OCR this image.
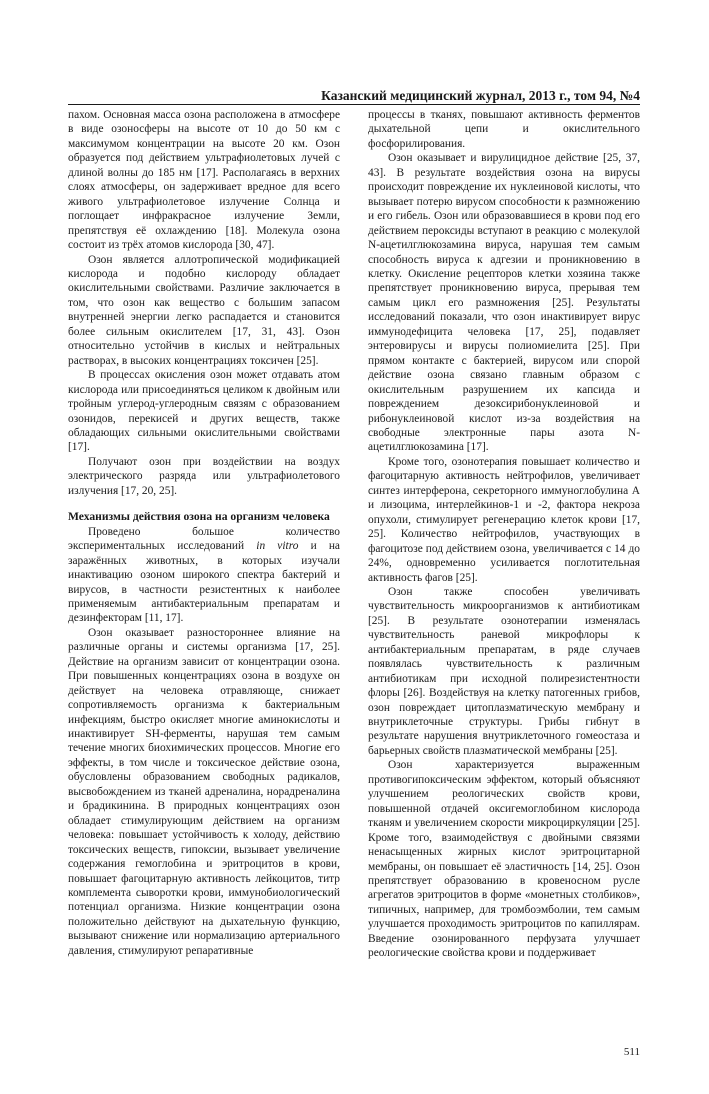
Казанский медицинский журнал, 2013 г., том 94, №4

пахом. Основная масса озона расположена в атмосфере в виде озоносферы на высоте от 10 до 50 км с максимумом концентрации на высоте 20 км. Озон образуется под действием ультрафиолетовых лучей с длиной волны до 185 нм [17]. Располагаясь в верхних слоях атмосферы, он задерживает вредное для всего живого ультрафиолетовое излучение Солнца и поглощает инфракрасное излучение Земли, препятствуя её охлаждению [18]. Молекула озона состоит из трёх атомов кислорода [30, 47].

Озон является аллотропической модификацией кислорода и подобно кислороду обладает окислительными свойствами. Различие заключается в том, что озон как вещество с большим запасом внутренней энергии легко распадается и становится более сильным окислителем [17, 31, 43]. Озон относительно устойчив в кислых и нейтральных растворах, в высоких концентрациях токсичен [25].

В процессах окисления озон может отдавать атом кислорода или присоединяться целиком к двойным или тройным углерод-углеродным связям с образованием озонидов, перекисей и других веществ, также обладающих сильными окислительными свойствами [17].

Получают озон при воздействии на воздух электрического разряда или ультрафиолетового излучения [17, 20, 25].

Механизмы действия озона на организм человека

Проведено большое количество экспериментальных исследований in vitro и на заражённых животных, в которых изучали инактивацию озоном широкого спектра бактерий и вирусов, в частности резистентных к наиболее применяемым антибактериальным препаратам и дезинфекторам [11, 17].

Озон оказывает разностороннее влияние на различные органы и системы организма [17, 25]. Действие на организм зависит от концентрации озона. При повышенных концентрациях озона в воздухе он действует на человека отравляюще, снижает сопротивляемость организма к бактериальным инфекциям, быстро окисляет многие аминокислоты и инактивирует SH-ферменты, нарушая тем самым течение многих биохимических процессов. Многие его эффекты, в том числе и токсическое действие озона, обусловлены образованием свободных радикалов, высвобождением из тканей адреналина, норадреналина и брадикинина. В природных концентрациях озон обладает стимулирующим действием на организм человека: повышает устойчивость к холоду, действию токсических веществ, гипоксии, вызывает увеличение содержания гемоглобина и эритроцитов в крови, повышает фагоцитарную активность лейкоцитов, титр комплемента сыворотки крови, иммунобиологический потенциал организма. Низкие концентрации озона положительно действуют на дыхательную функцию, вызывают снижение или нормализацию артериального давления, стимулируют репаративные

процессы в тканях, повышают активность ферментов дыхательной цепи и окислительного фосфорилирования.

Озон оказывает и вирулицидное действие [25, 37, 43]. В результате воздействия озона на вирусы происходит повреждение их нуклеиновой кислоты, что вызывает потерю вирусом способности к размножению и его гибель. Озон или образовавшиеся в крови под его действием пероксиды вступают в реакцию с молекулой N-ацетилглюкозамина вируса, нарушая тем самым способность вируса к адгезии и проникновению в клетку. Окисление рецепторов клетки хозяина также препятствует проникновению вируса, прерывая тем самым цикл его размножения [25]. Результаты исследований показали, что озон инактивирует вирус иммунодефицита человека [17, 25], подавляет энтеровирусы и вирусы полиомиелита [25]. При прямом контакте с бактерией, вирусом или спорой действие озона связано главным образом с окислительным разрушением их капсида и повреждением дезоксирибонуклеиновой и рибонуклеиновой кислот из-за воздействия на свободные электронные пары азота N-ацетилглюкозамина [17].

Кроме того, озонотерапия повышает количество и фагоцитарную активность нейтрофилов, увеличивает синтез интерферона, секреторного иммуноглобулина А и лизоцима, интерлейкинов-1 и -2, фактора некроза опухоли, стимулирует регенерацию клеток крови [17, 25]. Количество нейтрофилов, участвующих в фагоцитозе под действием озона, увеличивается с 14 до 24%, одновременно усиливается поглотительная активность фагов [25].

Озон также способен увеличивать чувствительность микроорганизмов к антибиотикам [25]. В результате озонотерапии изменялась чувствительность раневой микрофлоры к антибактериальным препаратам, в ряде случаев появлялась чувствительность к различным антибиотикам при исходной полирезистентности флоры [26]. Воздействуя на клетку патогенных грибов, озон повреждает цитоплазматическую мембрану и внутриклеточные структуры. Грибы гибнут в результате нарушения внутриклеточного гомеостаза и барьерных свойств плазматической мембраны [25].

Озон характеризуется выраженным противогипоксическим эффектом, который объясняют улучшением реологических свойств крови, повышенной отдачей оксигемоглобином кислорода тканям и увеличением скорости микроциркуляции [25]. Кроме того, взаимодействуя с двойными связями ненасыщенных жирных кислот эритроцитарной мембраны, он повышает её эластичность [14, 25]. Озон препятствует образованию в кровеносном русле агрегатов эритроцитов в форме «монетных столбиков», типичных, например, для тромбоэмболии, тем самым улучшается проходимость эритроцитов по капиллярам. Введение озонированного перфузата улучшает реологические свойства крови и поддерживает

511
